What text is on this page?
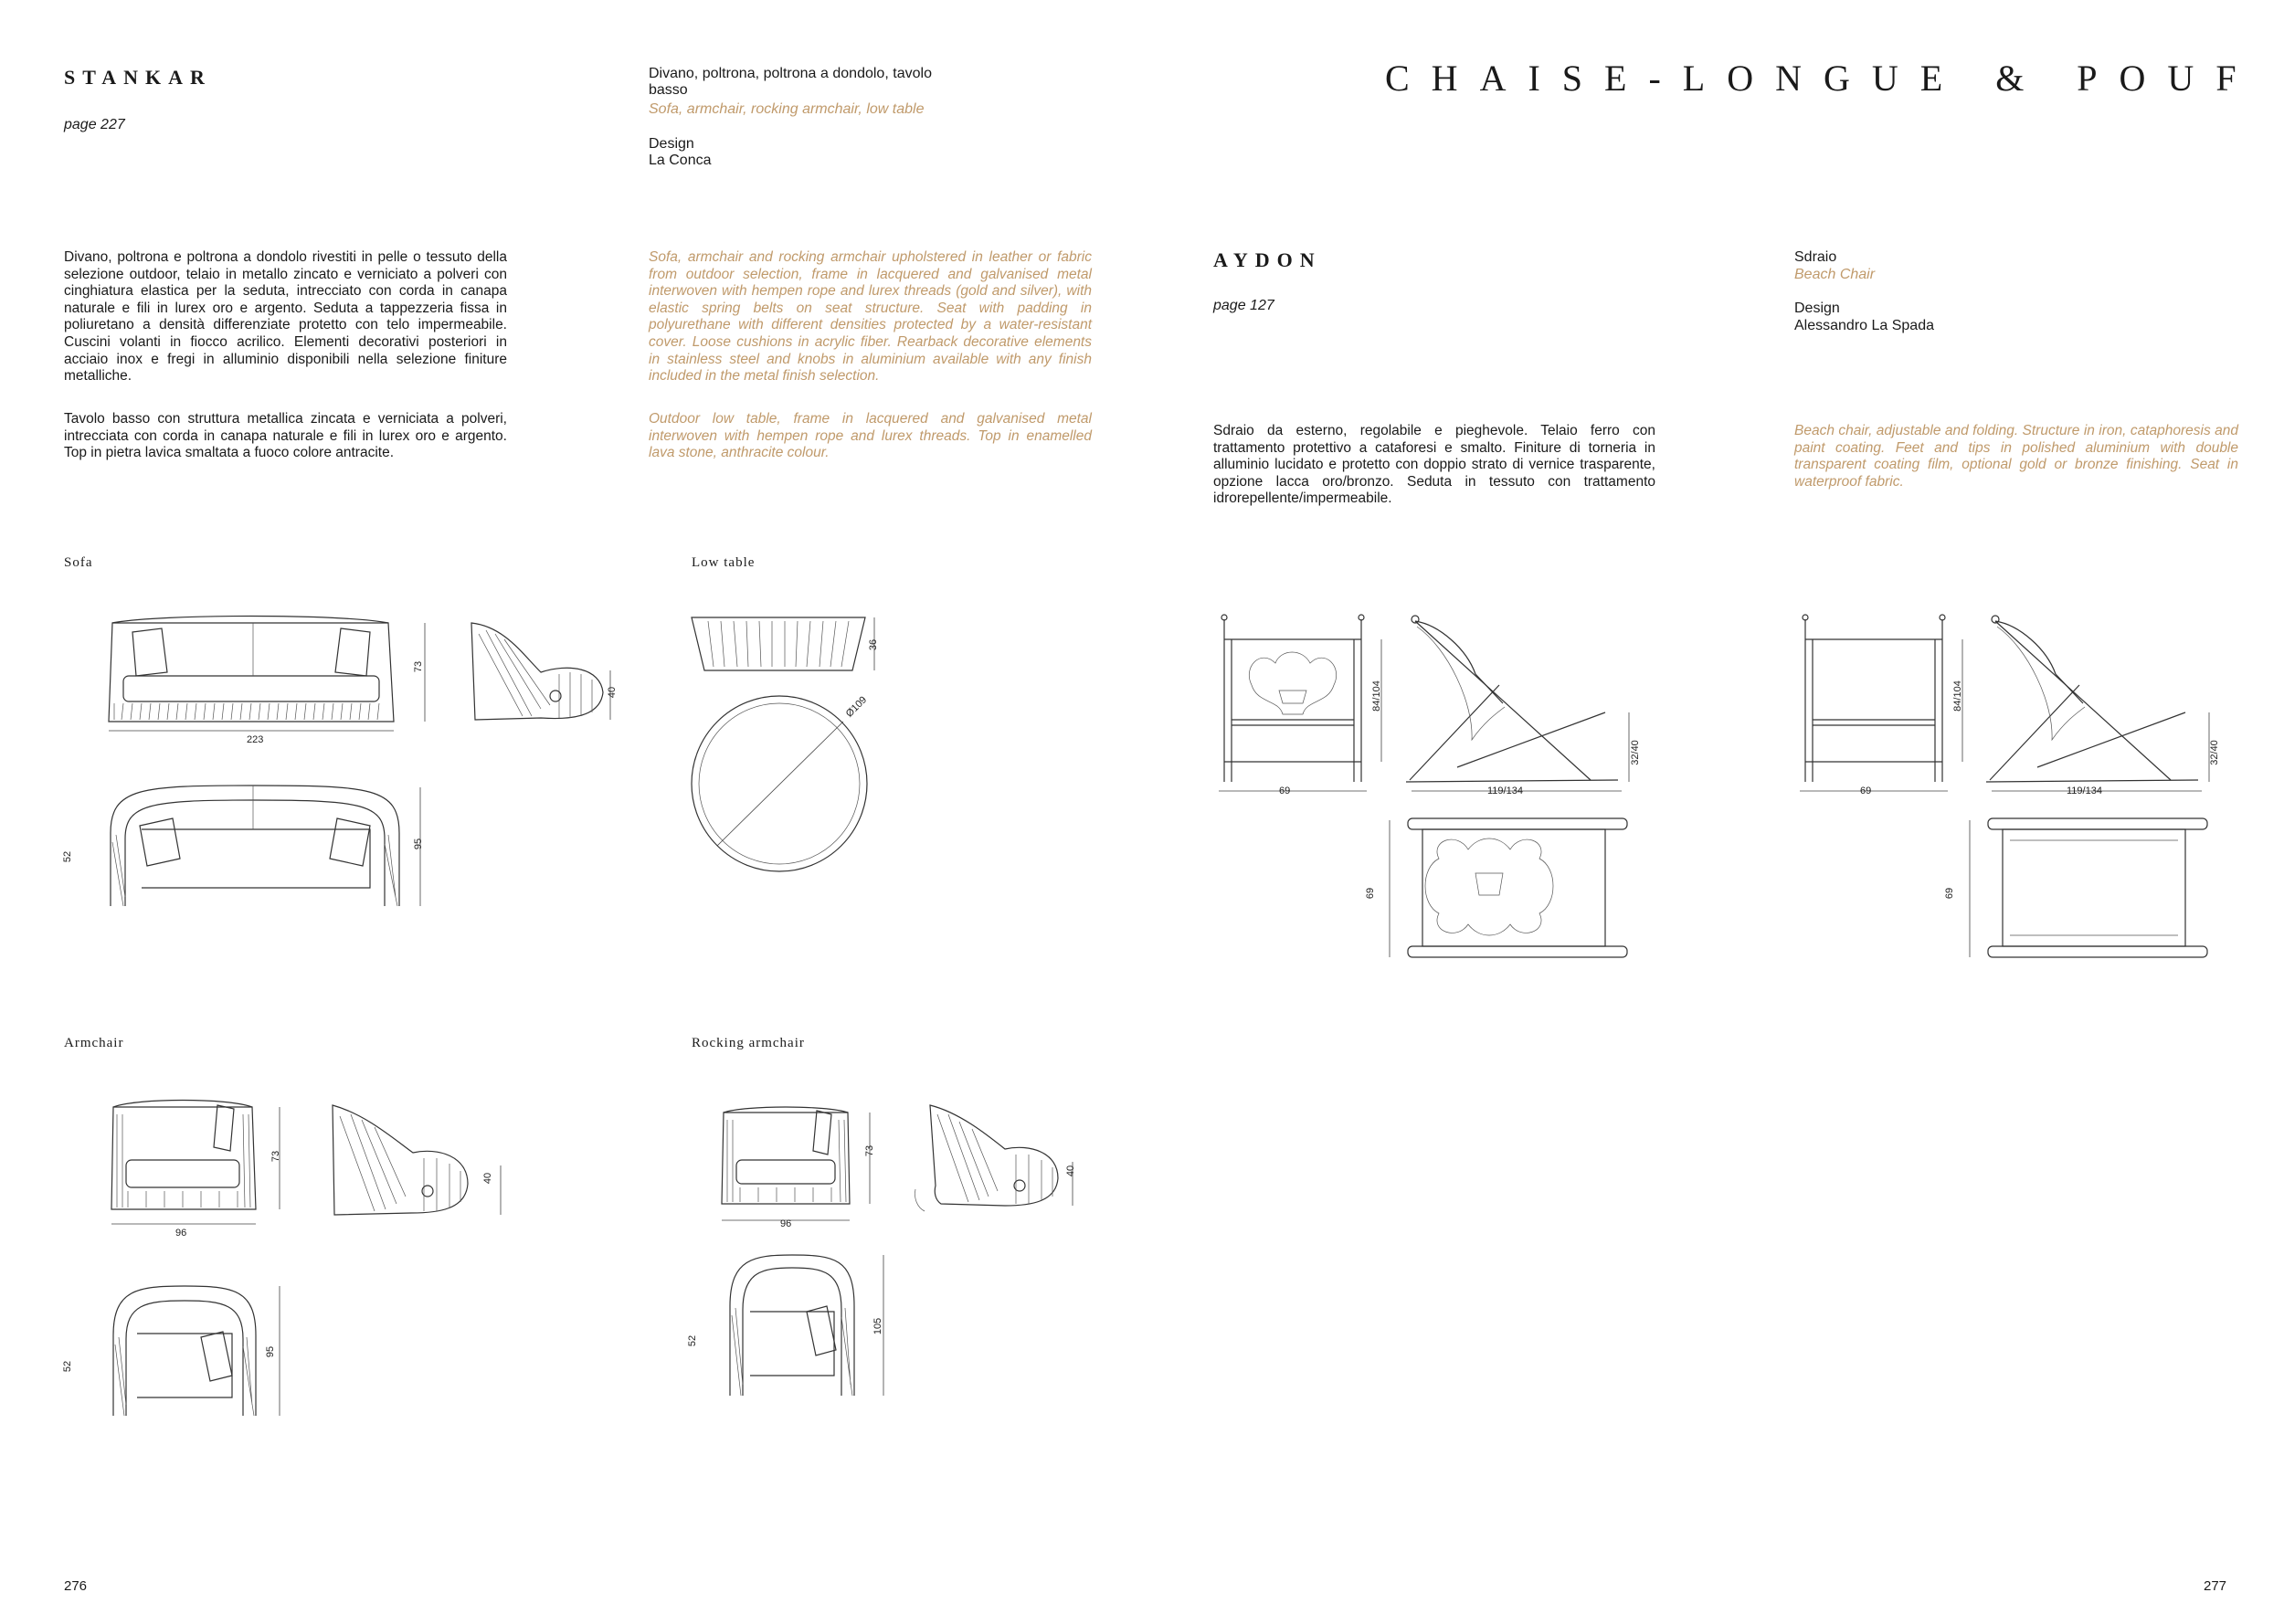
STANKAR
page 227
Divano, poltrona, poltrona a dondolo, tavolo basso
Sofa, armchair, rocking armchair, low table
Design
La Conca
Divano, poltrona e poltrona a dondolo rivestiti in pelle o tessuto della selezione outdoor, telaio in metallo zincato e verniciato a polveri con cinghiatura elastica per la seduta, intrecciato con corda in canapa naturale e fili in lurex oro e argento. Seduta a tappezzeria fissa in poliuretano a densità differenziate protetto con telo impermeabile. Cuscini volanti in fiocco acrilico. Elementi decorativi posteriori in acciaio inox e fregi in alluminio disponibili nella selezione finiture metalliche.
Tavolo basso con struttura metallica zincata e verniciata a polveri, intrecciata con corda in canapa naturale e fili in lurex oro e argento. Top in pietra lavica smaltata a fuoco colore antracite.
Sofa, armchair and rocking armchair upholstered in leather or fabric from outdoor selection, frame in lacquered and galvanised metal interwoven with hempen rope and lurex threads (gold and silver), with elastic spring belts on seat structure. Seat with padding in polyurethane with different densities protected by a water-resistant cover. Loose cushions in acrylic fiber. Rearback decorative elements in stainless steel and knobs in aluminium available with any finish included in the metal finish selection.
Outdoor low table, frame in lacquered and galvanised metal interwoven with hempen rope and lurex threads. Top in enamelled lava stone, anthracite colour.
Sofa	Low table
Armchair	Rocking armchair
223
73
40
52
95
36
Ø109
96
73
40
52
95
96
73
40
52
105
276
CHAISE-LONGUE & POUF
AYDON
page 127
Sdraio
Beach Chair
Design
Alessandro La Spada
Sdraio da esterno, regolabile e pieghevole. Telaio ferro con trattamento protettivo a cataforesi e smalto. Finiture di torneria in alluminio lucidato e protetto con doppio strato di vernice trasparente, opzione lacca oro/bronzo. Seduta in tessuto con trattamento idrorepellente/impermeabile.
Beach chair, adjustable and folding. Structure in iron, cataphoresis and paint coating. Feet and tips in polished aluminium with double transparent coating film, optional gold or bronze finishing. Seat in waterproof fabric.
69
84/104
119/134
32/40
69
69
84/104
119/134
32/40
69
277
